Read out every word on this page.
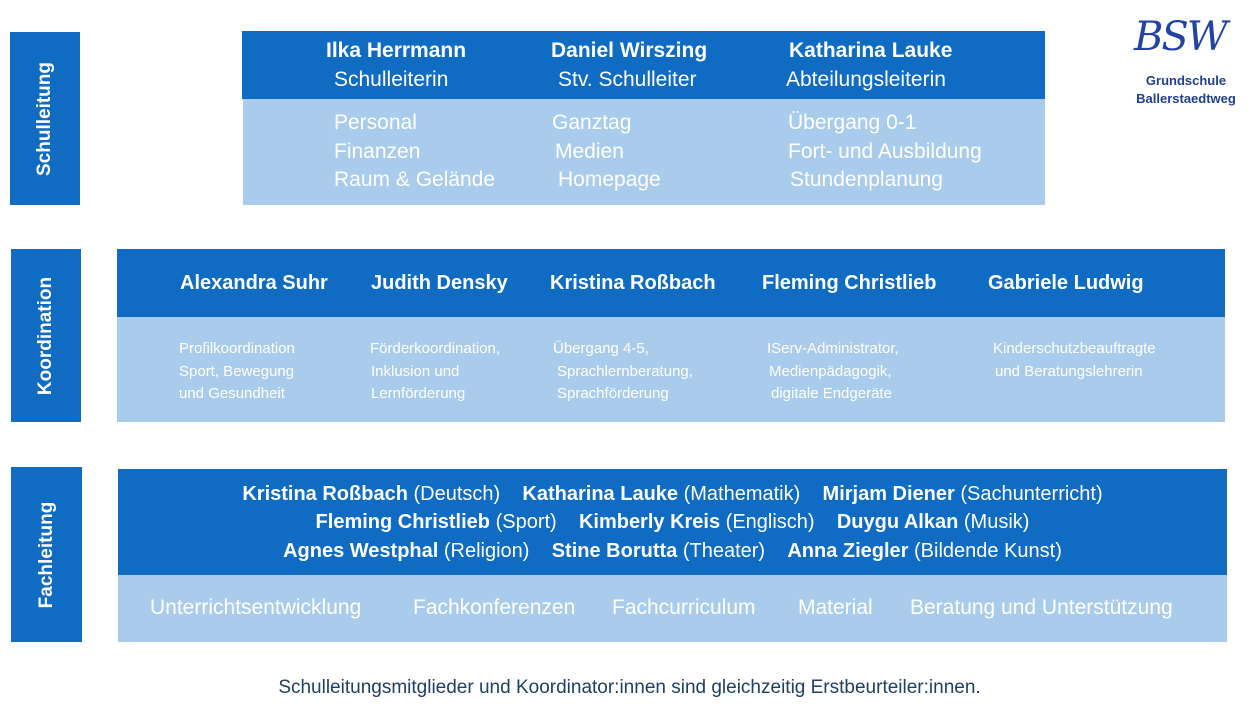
BSW
Grundschule
Ballerstaedtweg
Schulleitung
Ilka Herrmann
Schulleiterin
Daniel Wirszing
Stv. Schulleiter
Katharina Lauke
Abteilungsleiterin
Personal
Finanzen
Raum & Gelände
Ganztag
Medien
Homepage
Übergang 0-1
Fort- und Ausbildung
Stundenplanung
Koordination	Alexandra Suhr Judith Densky Kristina Roßbach Fleming Christlieb	Gabriele Ludwig
Profilkoordination
Sport, Bewegung
und Gesundheit
Förderkoordination,
Inklusion und
Lernförderung
Übergang 4-5,
Sprachlernberatung,
Sprachförderung
IServ-Administrator,
Medienpädagogik,
digitale Endgeräte
Kinderschutzbeauftragte
und Beratungslehrerin
Fachleitung
Kristina Roßbach (Deutsch) Katharina Lauke (Mathematik) Mirjam Diener (Sachunterricht)
Fleming Christlieb (Sport) Kimberly Kreis (Englisch) Duygu Alkan (Musik)
Agnes Westphal (Religion) Stine Borutta (Theater) Anna Ziegler (Bildende Kunst)
Unterrichtsentwicklung Fachkonferenzen Fachcurriculum Material Beratung und Unterstützung
Schulleitungsmitglieder und Koordinator:innen sind gleichzeitig Erstbeurteiler:innen.
